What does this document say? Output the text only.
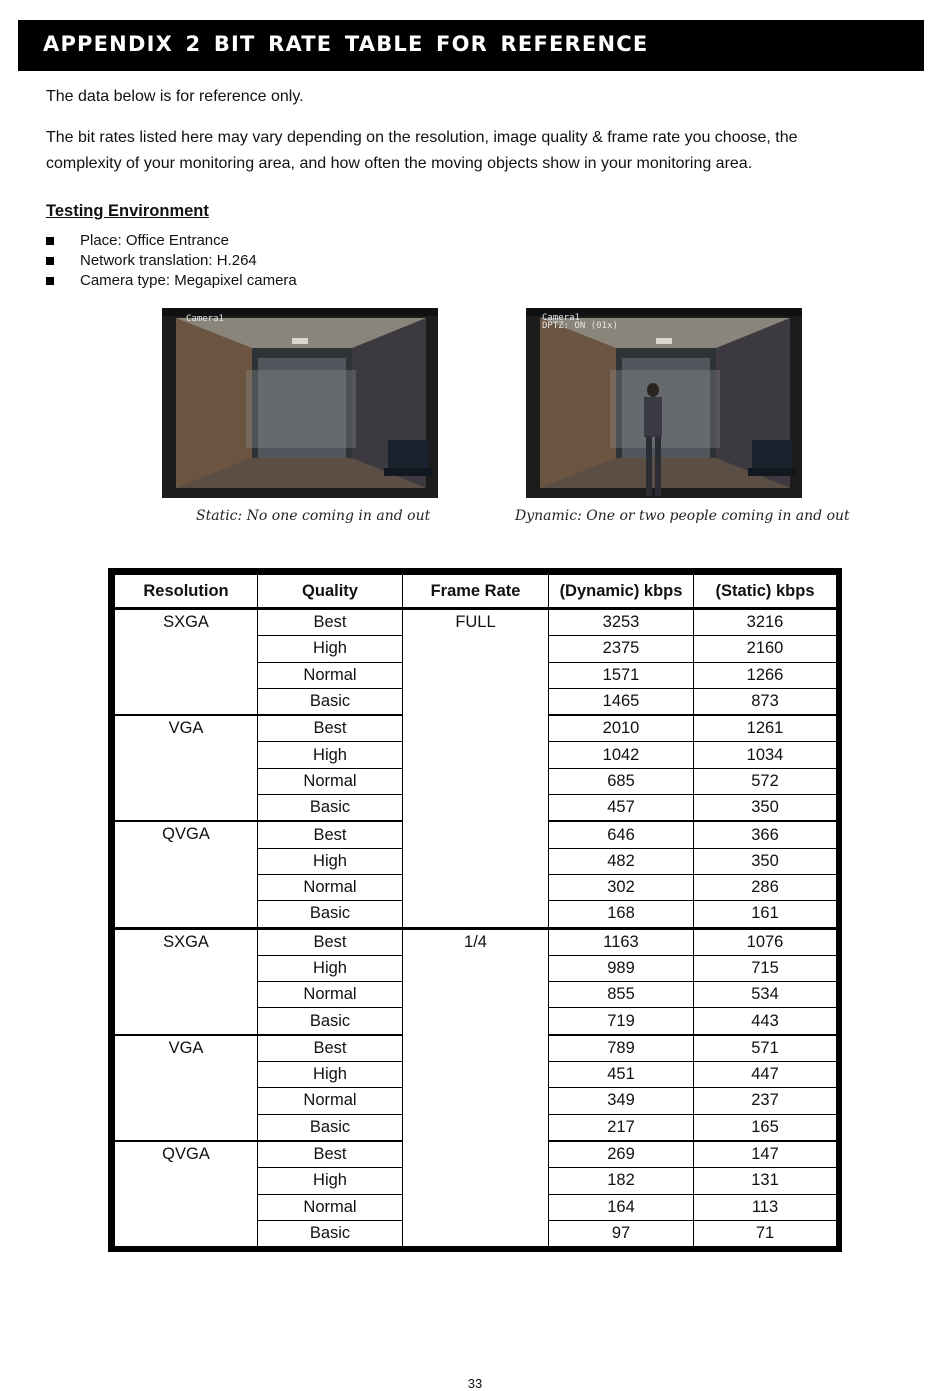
APPENDIX 2 BIT RATE TABLE FOR REFERENCE
The data below is for reference only.
The bit rates listed here may vary depending on the resolution, image quality & frame rate you choose, the complexity of your monitoring area, and how often the moving objects show in your monitoring area.
Testing Environment
Place: Office Entrance
Network translation: H.264
Camera type: Megapixel camera
Camera1	Camera1
DPTZ: ON (01x)
Static: No one coming in and out	Dynamic: One or two people coming in and out
Resolution	Quality	Frame Rate	(Dynamic) kbps	(Static) kbps
SXGA	Best	FULL	3253	3216
	High		2375	2160
	Normal		1571	1266
	Basic		1465	873
VGA	Best		2010	1261
	High		1042	1034
	Normal		685	572
	Basic		457	350
QVGA	Best		646	366
	High		482	350
	Normal		302	286
	Basic		168	161
SXGA	Best	1/4	1163	1076
	High		989	715
	Normal		855	534
	Basic		719	443
VGA	Best		789	571
	High		451	447
	Normal		349	237
	Basic		217	165
QVGA	Best		269	147
	High		182	131
	Normal		164	113
	Basic		97	71
33
